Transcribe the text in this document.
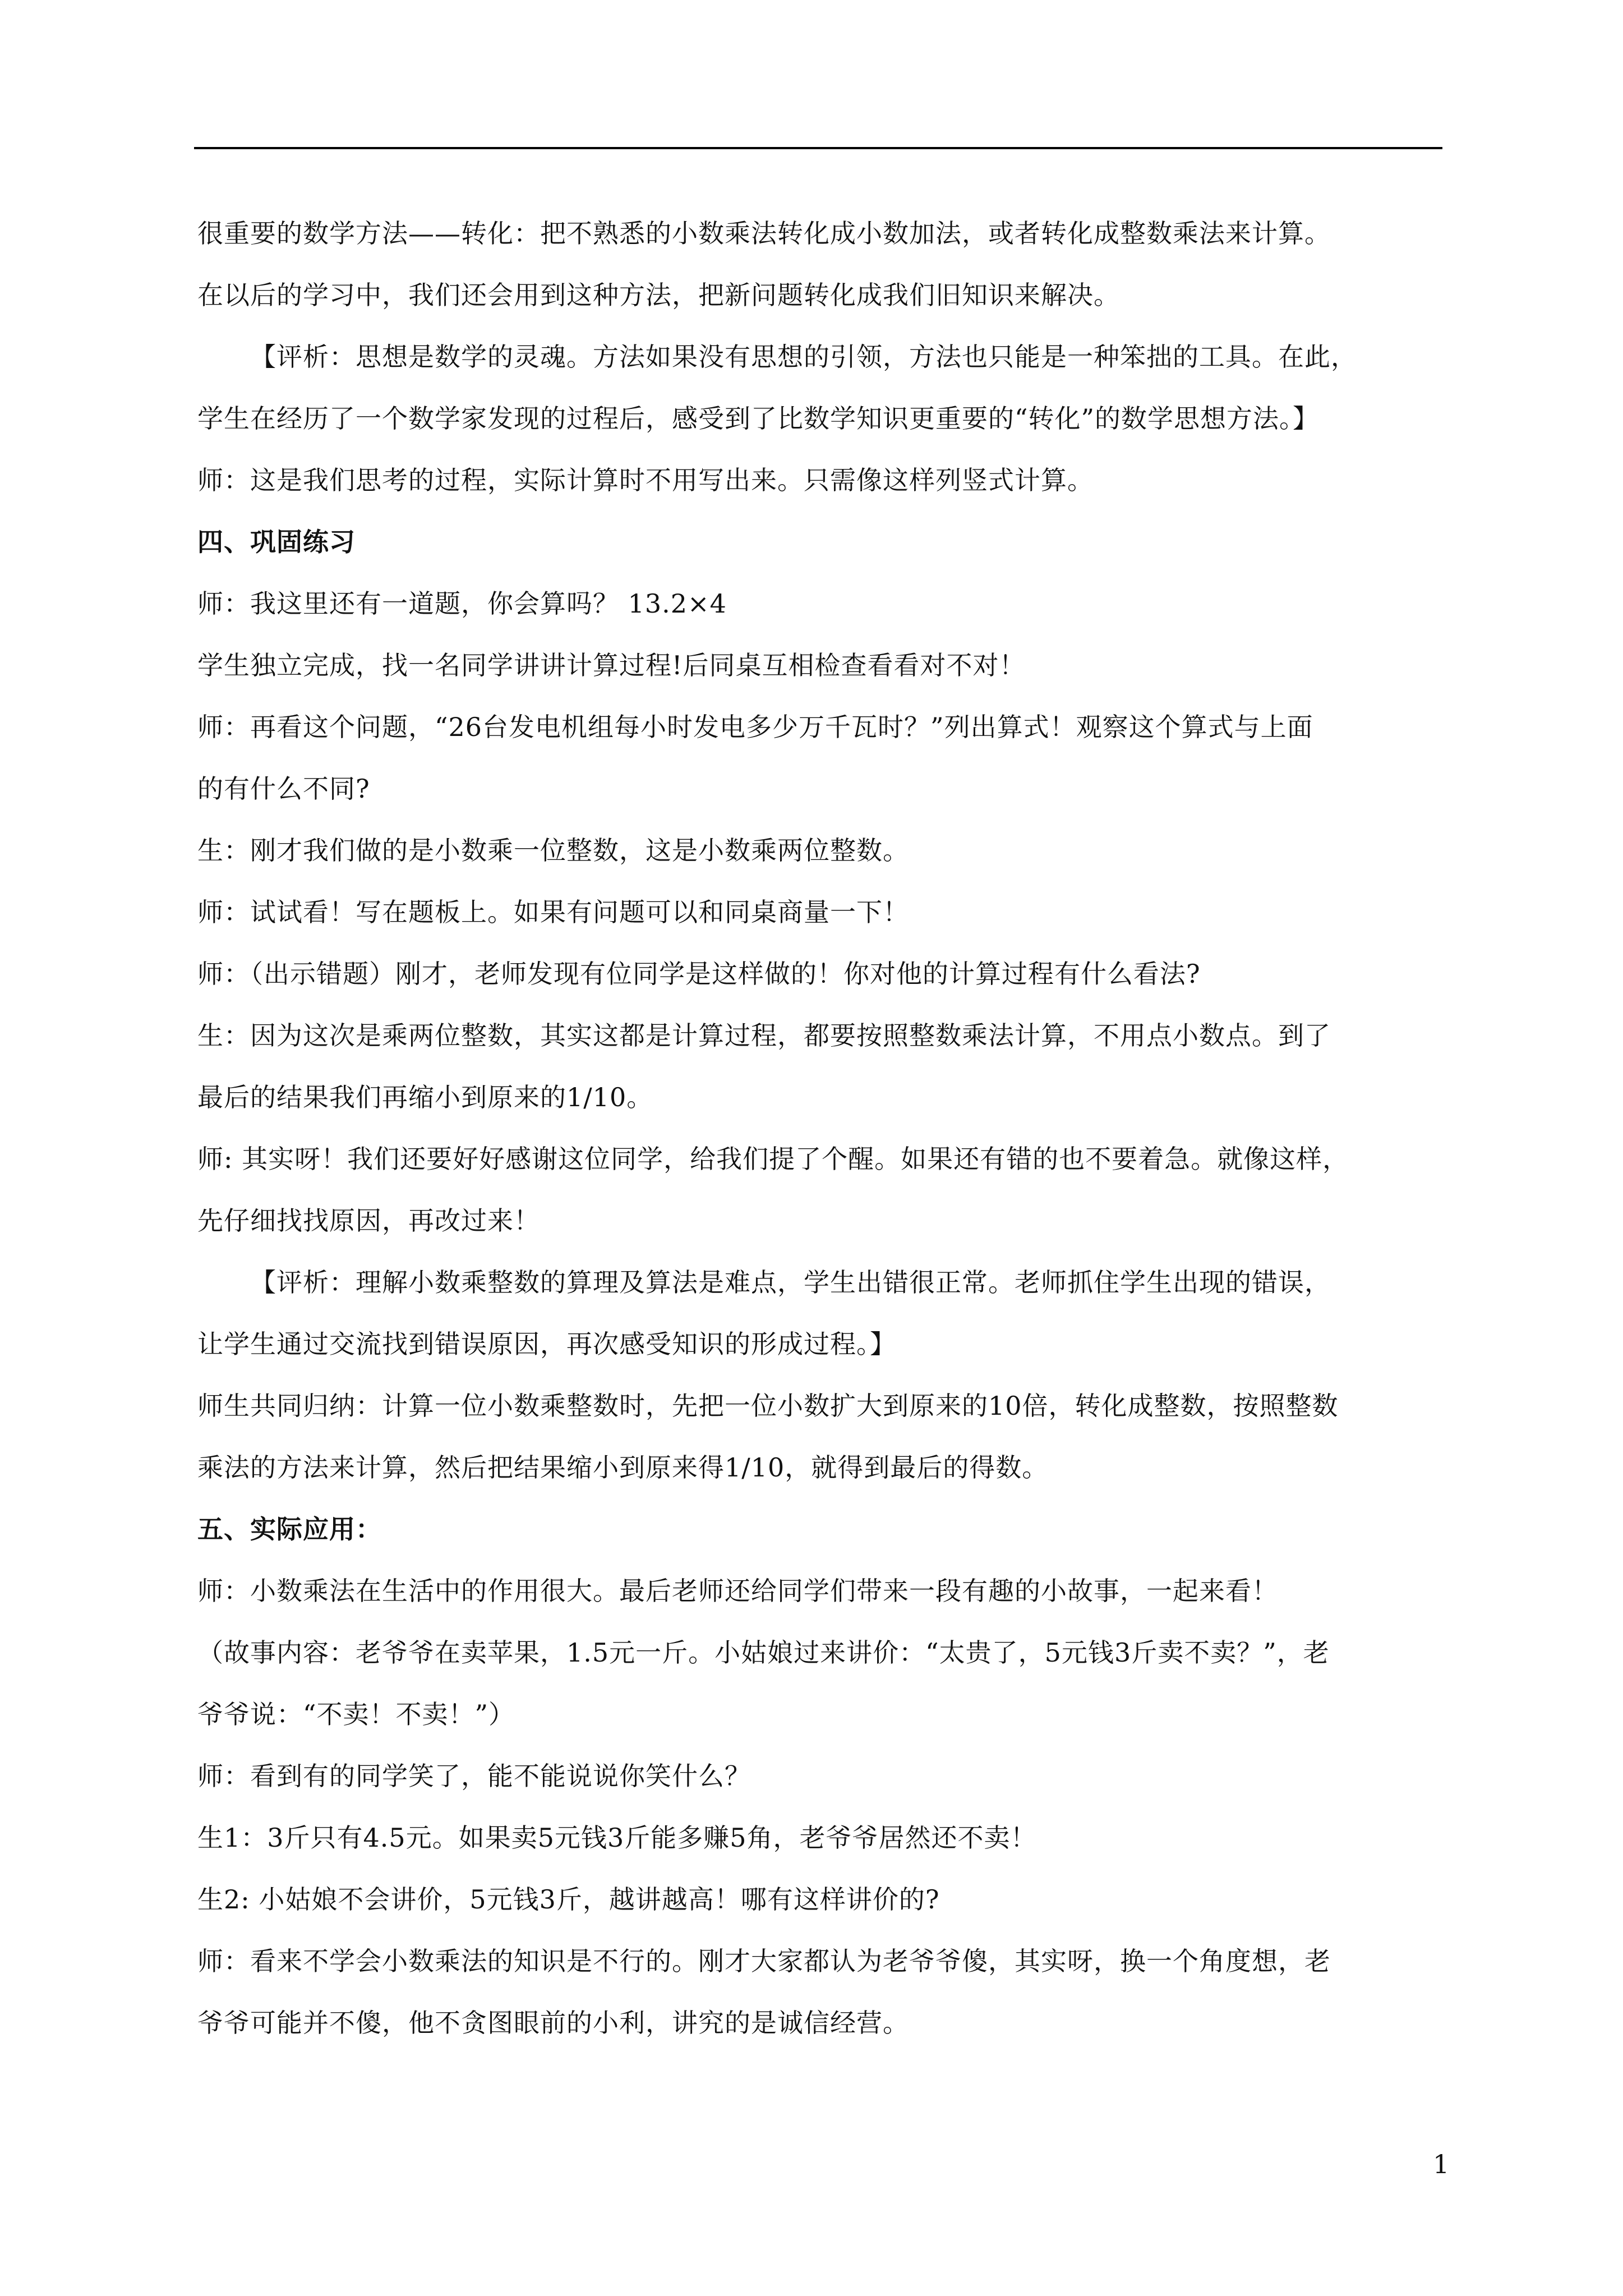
很重要的数学方法——转化：把不熟悉的小数乘法转化成小数加法，或者转化成整数乘法来计算。
在以后的学习中，我们还会用到这种方法，把新问题转化成我们旧知识来解决。
【评析：思想是数学的灵魂。方法如果没有思想的引领，方法也只能是一种笨拙的工具。在此，
学生在经历了一个数学家发现的过程后，感受到了比数学知识更重要的“转化”的数学思想方法。】
师：这是我们思考的过程，实际计算时不用写出来。只需像这样列竖式计算。
四、巩固练习
师：我这里还有一道题，你会算吗？ 13.2×4
学生独立完成，找一名同学讲讲计算过程!后同桌互相检查看看对不对！
师：再看这个问题，“26台发电机组每小时发电多少万千瓦时？”列出算式！观察这个算式与上面
的有什么不同?
生：刚才我们做的是小数乘一位整数，这是小数乘两位整数。
师：试试看！写在题板上。如果有问题可以和同桌商量一下！
师：（出示错题）刚才，老师发现有位同学是这样做的！你对他的计算过程有什么看法?
生：因为这次是乘两位整数，其实这都是计算过程，都要按照整数乘法计算，不用点小数点。到了
最后的结果我们再缩小到原来的1/10。
师: 其实呀！我们还要好好感谢这位同学，给我们提了个醒。如果还有错的也不要着急。就像这样，
先仔细找找原因，再改过来！
【评析：理解小数乘整数的算理及算法是难点，学生出错很正常。老师抓住学生出现的错误，
让学生通过交流找到错误原因，再次感受知识的形成过程。】
师生共同归纳：计算一位小数乘整数时，先把一位小数扩大到原来的10倍，转化成整数，按照整数
乘法的方法来计算，然后把结果缩小到原来得1/10，就得到最后的得数。
五、实际应用：
师：小数乘法在生活中的作用很大。最后老师还给同学们带来一段有趣的小故事，一起来看！
（故事内容：老爷爷在卖苹果，1.5元一斤。小姑娘过来讲价：“太贵了，5元钱3斤卖不卖？”，老
爷爷说：“不卖！不卖！”）
师：看到有的同学笑了，能不能说说你笑什么？
生1：3斤只有4.5元。如果卖5元钱3斤能多赚5角，老爷爷居然还不卖！
生2: 小姑娘不会讲价，5元钱3斤，越讲越高！哪有这样讲价的?
师：看来不学会小数乘法的知识是不行的。刚才大家都认为老爷爷傻，其实呀，换一个角度想，老
爷爷可能并不傻，他不贪图眼前的小利，讲究的是诚信经营。
1
